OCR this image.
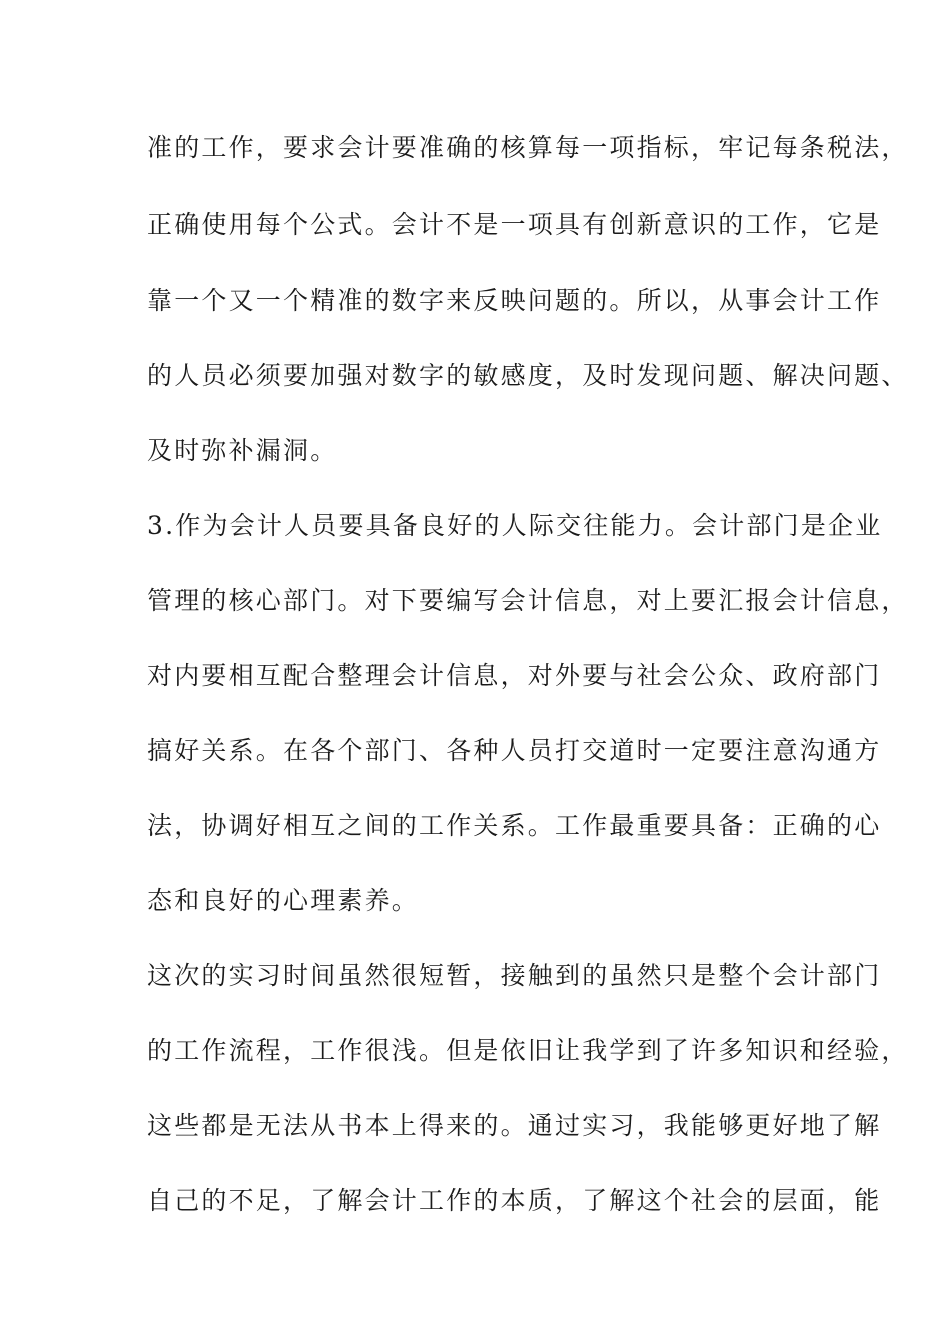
准的工作，要求会计要准确的核算每一项指标，牢记每条税法，
正确使用每个公式。会计不是一项具有创新意识的工作，它是
靠一个又一个精准的数字来反映问题的。所以，从事会计工作
的人员必须要加强对数字的敏感度，及时发现问题、解决问题、
及时弥补漏洞。
3.作为会计人员要具备良好的人际交往能力。会计部门是企业
管理的核心部门。对下要编写会计信息，对上要汇报会计信息，
对内要相互配合整理会计信息，对外要与社会公众、政府部门
搞好关系。在各个部门、各种人员打交道时一定要注意沟通方
法，协调好相互之间的工作关系。工作最重要具备：正确的心
态和良好的心理素养。
这次的实习时间虽然很短暂，接触到的虽然只是整个会计部门
的工作流程，工作很浅。但是依旧让我学到了许多知识和经验，
这些都是无法从书本上得来的。通过实习，我能够更好地了解
自己的不足，了解会计工作的本质，了解这个社会的层面，能
